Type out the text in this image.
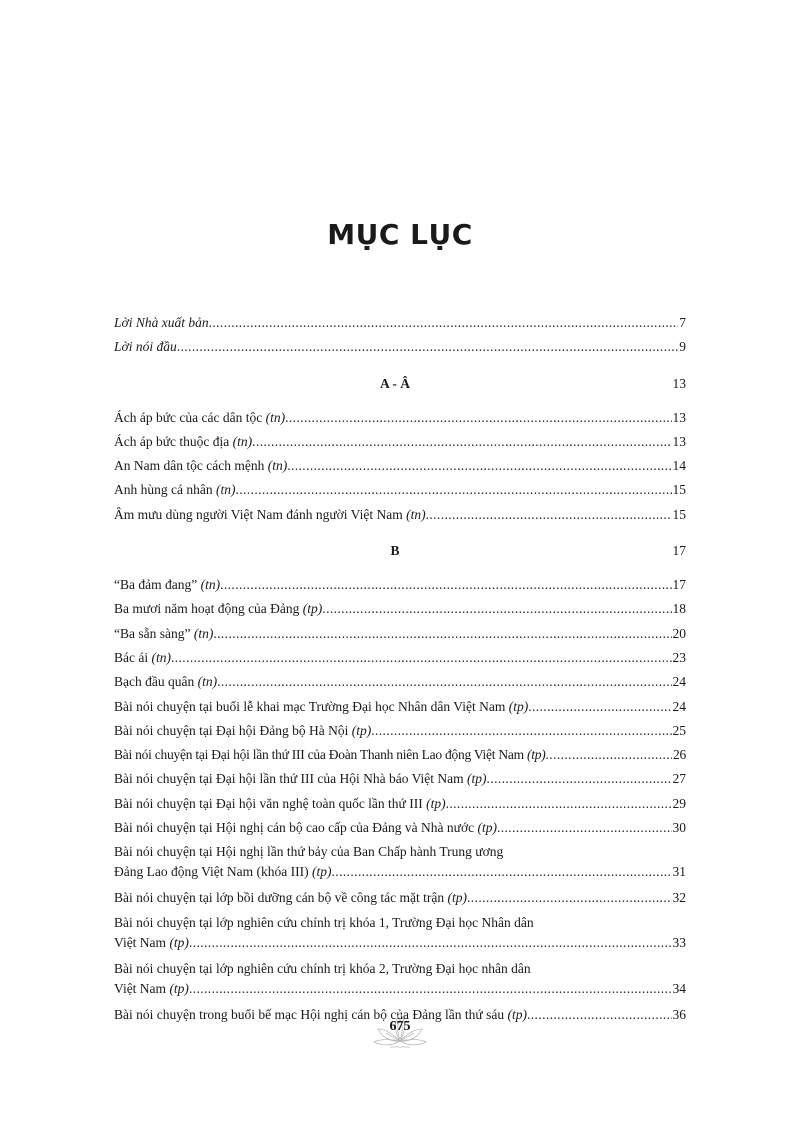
MỤC LỤC
Lời Nhà xuất bản .....	7
Lời nói đầu .....	9
A - Â	13
Ách áp bức của các dân tộc (tn) .....	13
Ách áp bức thuộc địa (tn) .....	13
An Nam dân tộc cách mệnh (tn) .....	14
Anh hùng cá nhân (tn) .....	15
Âm mưu dùng người Việt Nam đánh người Việt Nam (tn) .....	15
B	17
“Ba đảm đang” (tn) .....	17
Ba mươi năm hoạt động của Đảng (tp) .....	18
“Ba sẵn sàng” (tn) .....	20
Bác ái (tn) .....	23
Bạch đầu quân (tn) .....	24
Bài nói chuyện tại buổi lễ khai mạc Trường Đại học Nhân dân Việt Nam (tp) .....	24
Bài nói chuyện tại Đại hội Đảng bộ Hà Nội (tp) .....	25
Bài nói chuyện tại Đại hội lần thứ III của Đoàn Thanh niên Lao động Việt Nam (tp) .....	26
Bài nói chuyện tại Đại hội lần thứ III của Hội Nhà báo Việt Nam (tp) .....	27
Bài nói chuyện tại Đại hội văn nghệ toàn quốc lần thứ III (tp) .....	29
Bài nói chuyện tại Hội nghị cán bộ cao cấp của Đảng và Nhà nước (tp) .....	30
Bài nói chuyện tại Hội nghị lần thứ bảy của Ban Chấp hành Trung ương
Đảng Lao động Việt Nam (khóa III) (tp) .....	31
Bài nói chuyện tại lớp bồi dưỡng cán bộ về công tác mặt trận (tp) .....	32
Bài nói chuyện tại lớp nghiên cứu chính trị khóa 1, Trường Đại học Nhân dân
Việt Nam (tp) .....	33
Bài nói chuyện tại lớp nghiên cứu chính trị khóa 2, Trường Đại học nhân dân
Việt Nam (tp) .....	34
Bài nói chuyện trong buổi bế mạc Hội nghị cán bộ của Đảng lần thứ sáu (tp) .....	36
675
